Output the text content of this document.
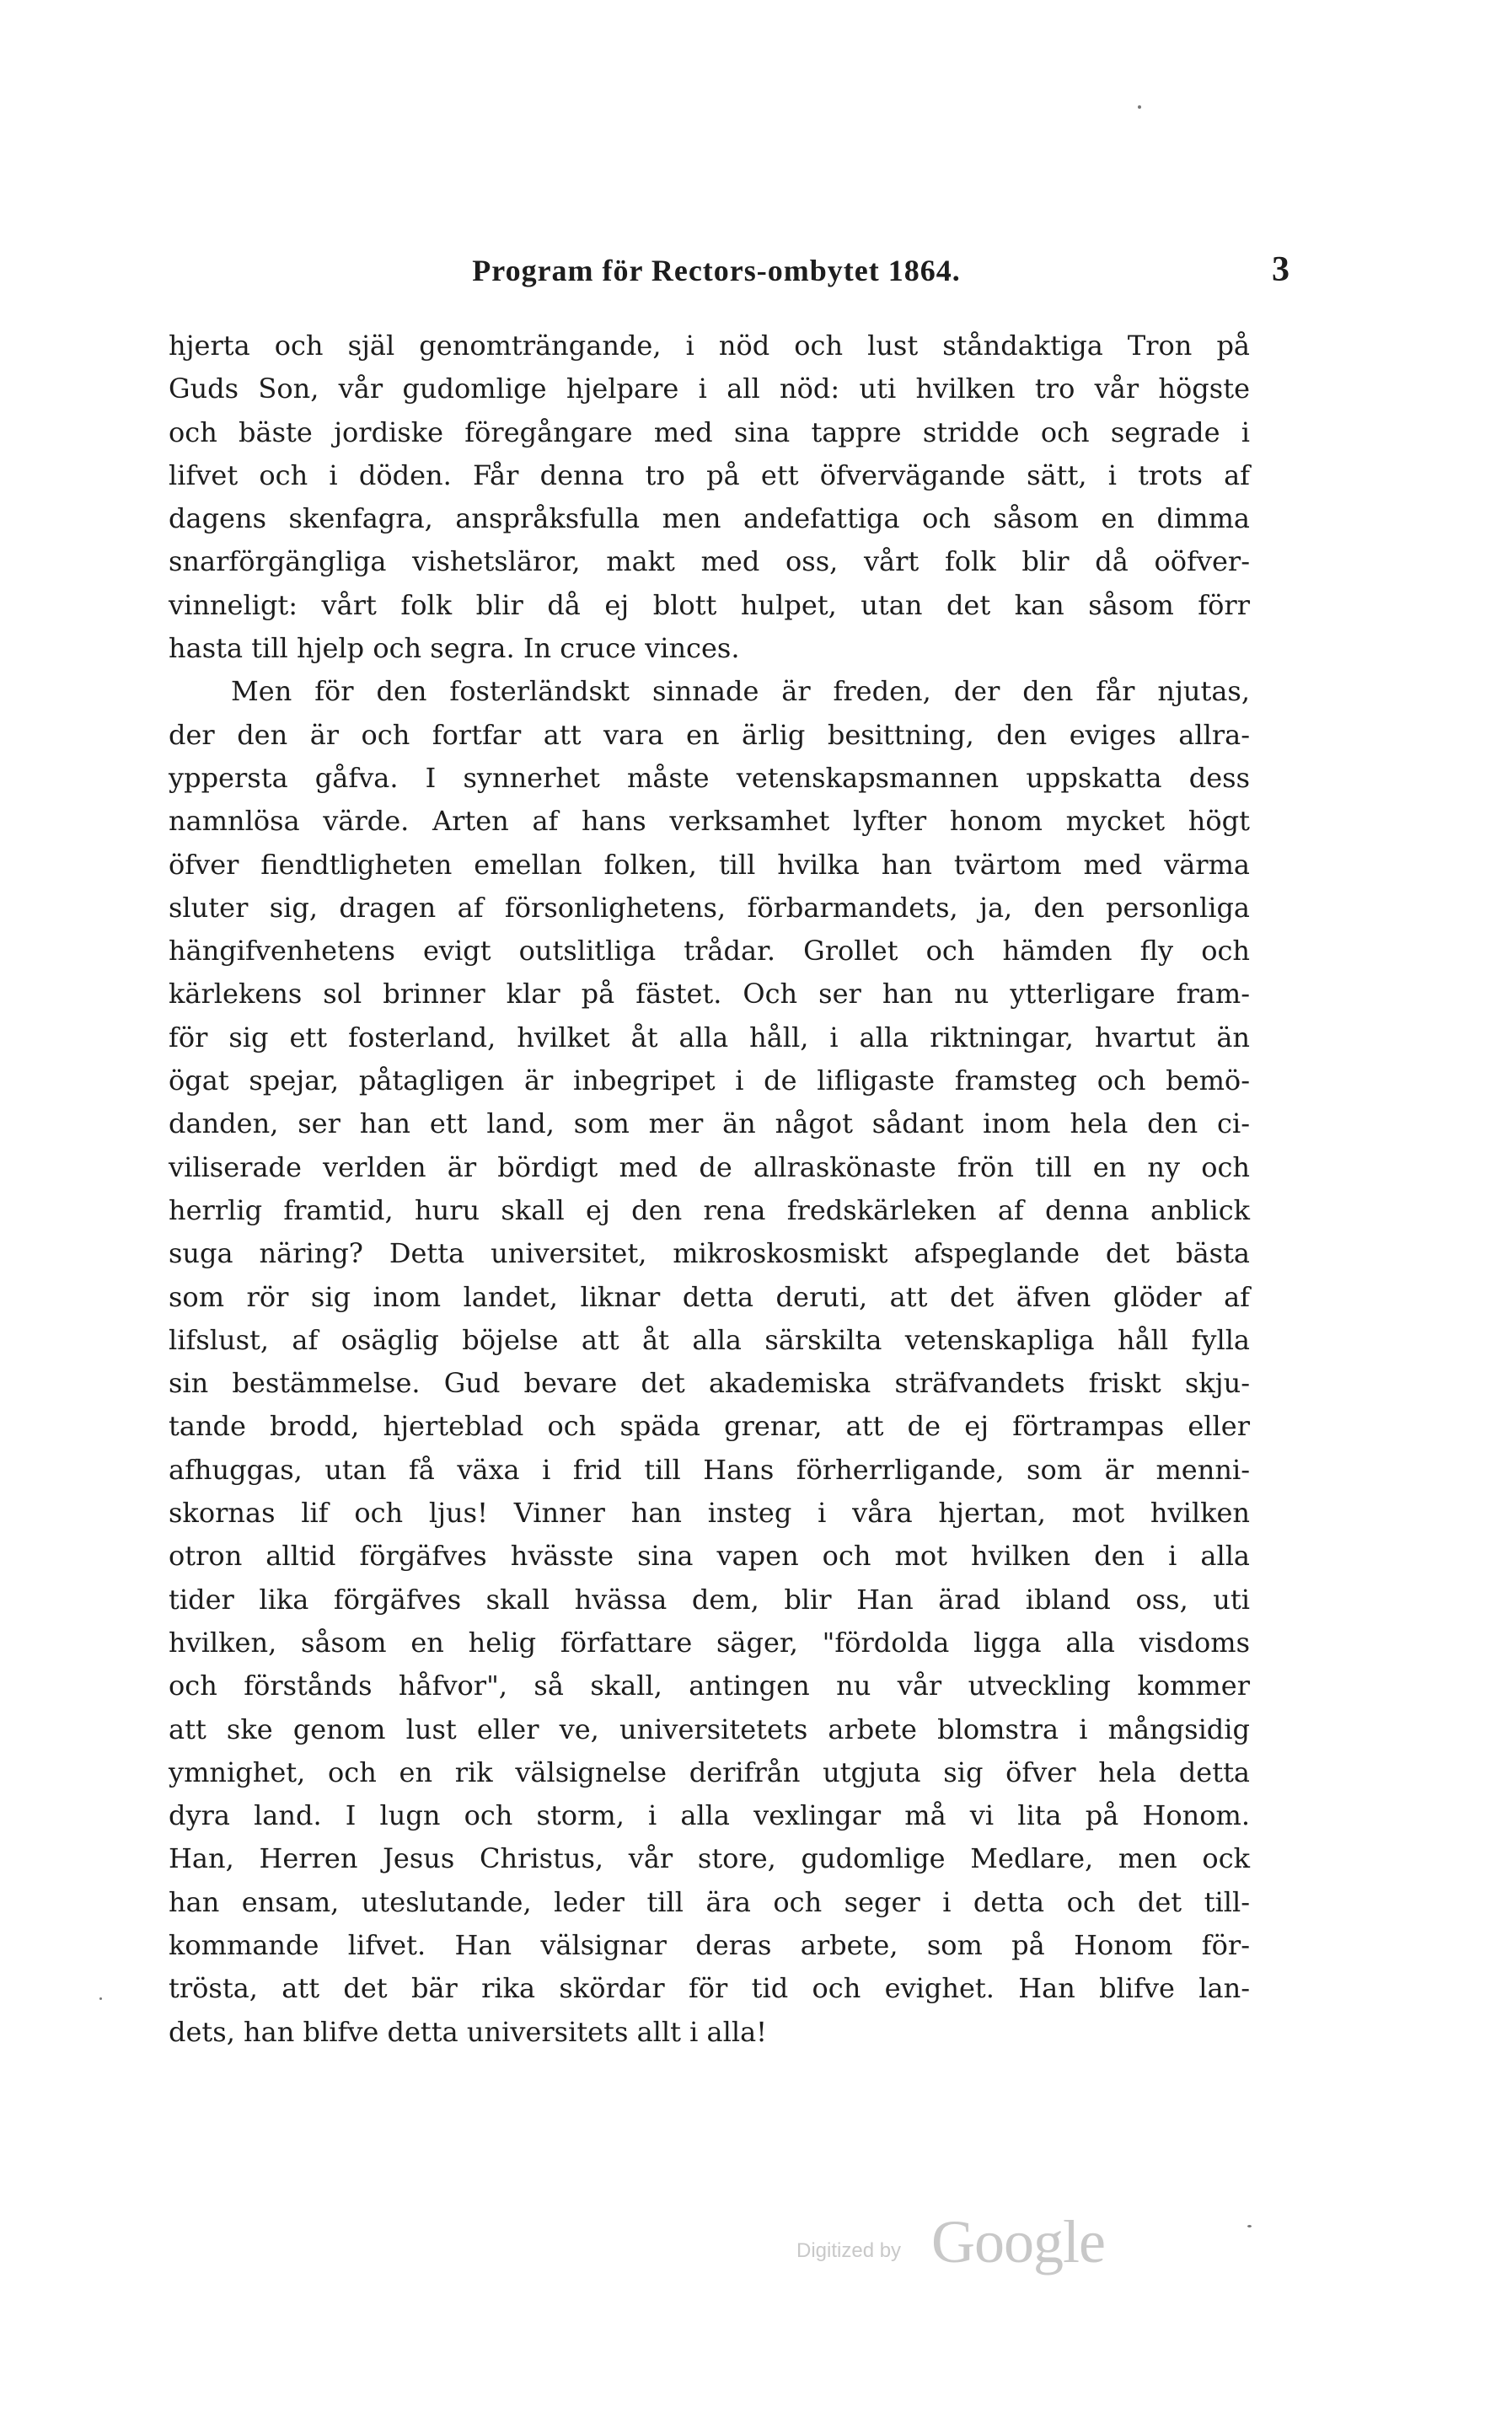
Program för Rectors-ombytet 1864.	3
hjerta och själ genomträngande, i nöd och lust ståndaktiga Tron på
Guds Son, vår gudomlige hjelpare i all nöd: uti hvilken tro vår högste
och bäste jordiske föregångare med sina tappre stridde och segrade i
lifvet och i döden. Får denna tro på ett öfvervägande sätt, i trots af
dagens skenfagra, anspråksfulla men andefattiga och såsom en dimma
snarförgängliga vishetsläror, makt med oss, vårt folk blir då oöfver-
vinneligt: vårt folk blir då ej blott hulpet, utan det kan såsom förr
hasta till hjelp och segra. In cruce vinces.
Men för den fosterländskt sinnade är freden, der den får njutas,
der den är och fortfar att vara en ärlig besittning, den eviges allra-
yppersta gåfva. I synnerhet måste vetenskapsmannen uppskatta dess
namnlösa värde. Arten af hans verksamhet lyfter honom mycket högt
öfver fiendtligheten emellan folken, till hvilka han tvärtom med värma
sluter sig, dragen af försonlighetens, förbarmandets, ja, den personliga
hängifvenhetens evigt outslitliga trådar. Grollet och hämden fly och
kärlekens sol brinner klar på fästet. Och ser han nu ytterligare fram-
för sig ett fosterland, hvilket åt alla håll, i alla riktningar, hvartut än
ögat spejar, påtagligen är inbegripet i de lifligaste framsteg och bemö-
danden, ser han ett land, som mer än något sådant inom hela den ci-
viliserade verlden är bördigt med de allraskönaste frön till en ny och
herrlig framtid, huru skall ej den rena fredskärleken af denna anblick
suga näring? Detta universitet, mikroskosmiskt afspeglande det bästa
som rör sig inom landet, liknar detta deruti, att det äfven glöder af
lifslust, af osäglig böjelse att åt alla särskilta vetenskapliga håll fylla
sin bestämmelse. Gud bevare det akademiska sträfvandets friskt skju-
tande brodd, hjerteblad och späda grenar, att de ej förtrampas eller
afhuggas, utan få växa i frid till Hans förherrligande, som är menni-
skornas lif och ljus! Vinner han insteg i våra hjertan, mot hvilken
otron alltid förgäfves hvässte sina vapen och mot hvilken den i alla
tider lika förgäfves skall hvässa dem, blir Han ärad ibland oss, uti
hvilken, såsom en helig författare säger, "fördolda ligga alla visdoms
och förstånds håfvor", så skall, antingen nu vår utveckling kommer
att ske genom lust eller ve, universitetets arbete blomstra i mångsidig
ymnighet, och en rik välsignelse derifrån utgjuta sig öfver hela detta
dyra land. I lugn och storm, i alla vexlingar må vi lita på Honom.
Han, Herren Jesus Christus, vår store, gudomlige Medlare, men ock
han ensam, uteslutande, leder till ära och seger i detta och det till-
kommande lifvet. Han välsignar deras arbete, som på Honom för-
trösta, att det bär rika skördar för tid och evighet. Han blifve lan-
dets, han blifve detta universitets allt i alla!
Digitized by Google
